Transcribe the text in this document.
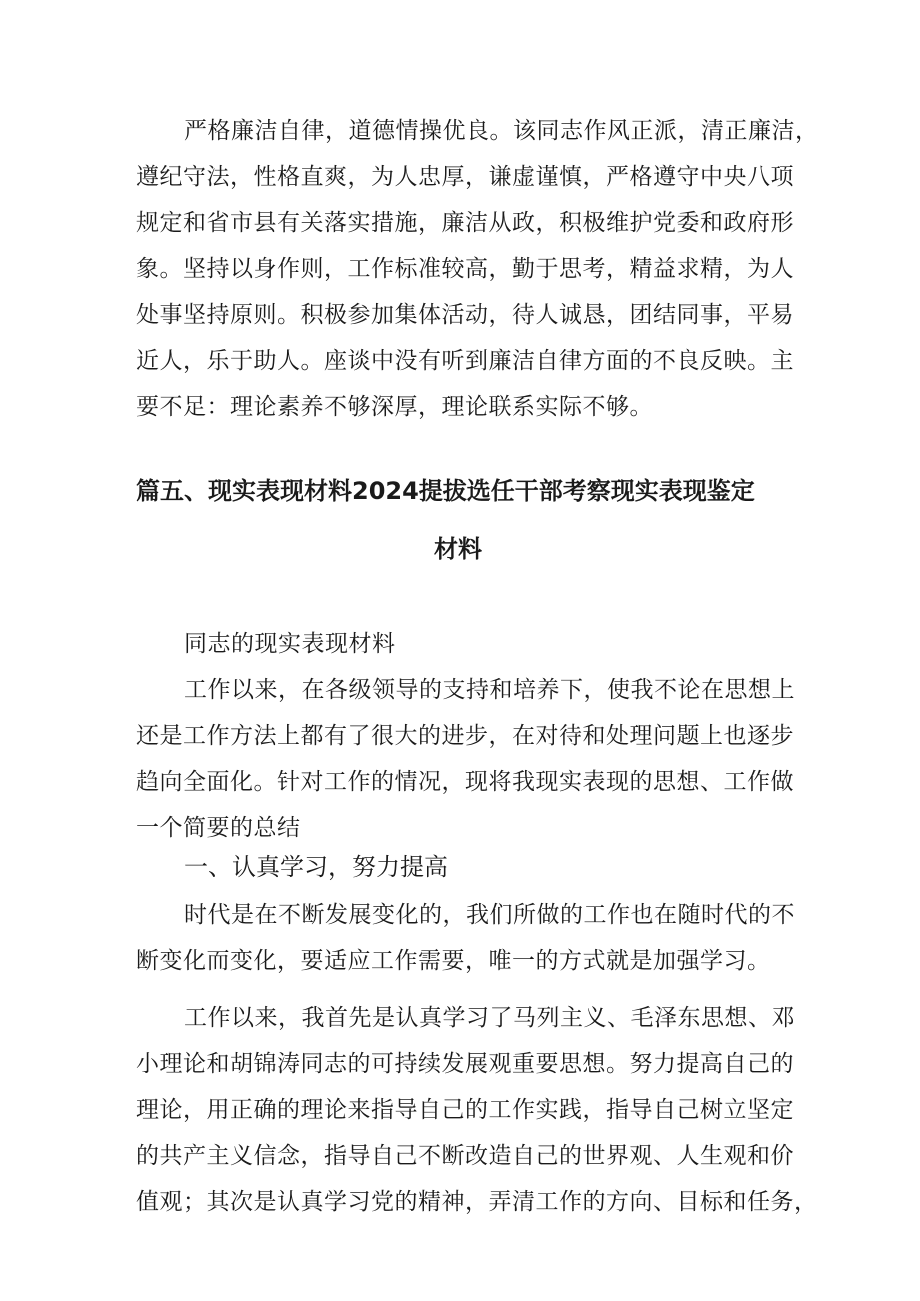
严格廉洁自律，道德情操优良。该同志作风正派，清正廉洁，
遵纪守法，性格直爽，为人忠厚，谦虚谨慎，严格遵守中央八项
规定和省市县有关落实措施，廉洁从政，积极维护党委和政府形
象。坚持以身作则，工作标准较高，勤于思考，精益求精，为人
处事坚持原则。积极参加集体活动，待人诚恳，团结同事，平易
近人，乐于助人。座谈中没有听到廉洁自律方面的不良反映。主
要不足：理论素养不够深厚，理论联系实际不够。
篇五、现实表现材料2024提拔选任干部考察现实表现鉴定
材料
同志的现实表现材料
工作以来，在各级领导的支持和培养下，使我不论在思想上
还是工作方法上都有了很大的进步，在对待和处理问题上也逐步
趋向全面化。针对工作的情况，现将我现实表现的思想、工作做
一个简要的总结
一、认真学习，努力提高
时代是在不断发展变化的，我们所做的工作也在随时代的不
断变化而变化，要适应工作需要，唯一的方式就是加强学习。
工作以来，我首先是认真学习了马列主义、毛泽东思想、邓
小理论和胡锦涛同志的可持续发展观重要思想。努力提高自己的
理论，用正确的理论来指导自己的工作实践，指导自己树立坚定
的共产主义信念，指导自己不断改造自己的世界观、人生观和价
值观；其次是认真学习党的精神，弄清工作的方向、目标和任务，
